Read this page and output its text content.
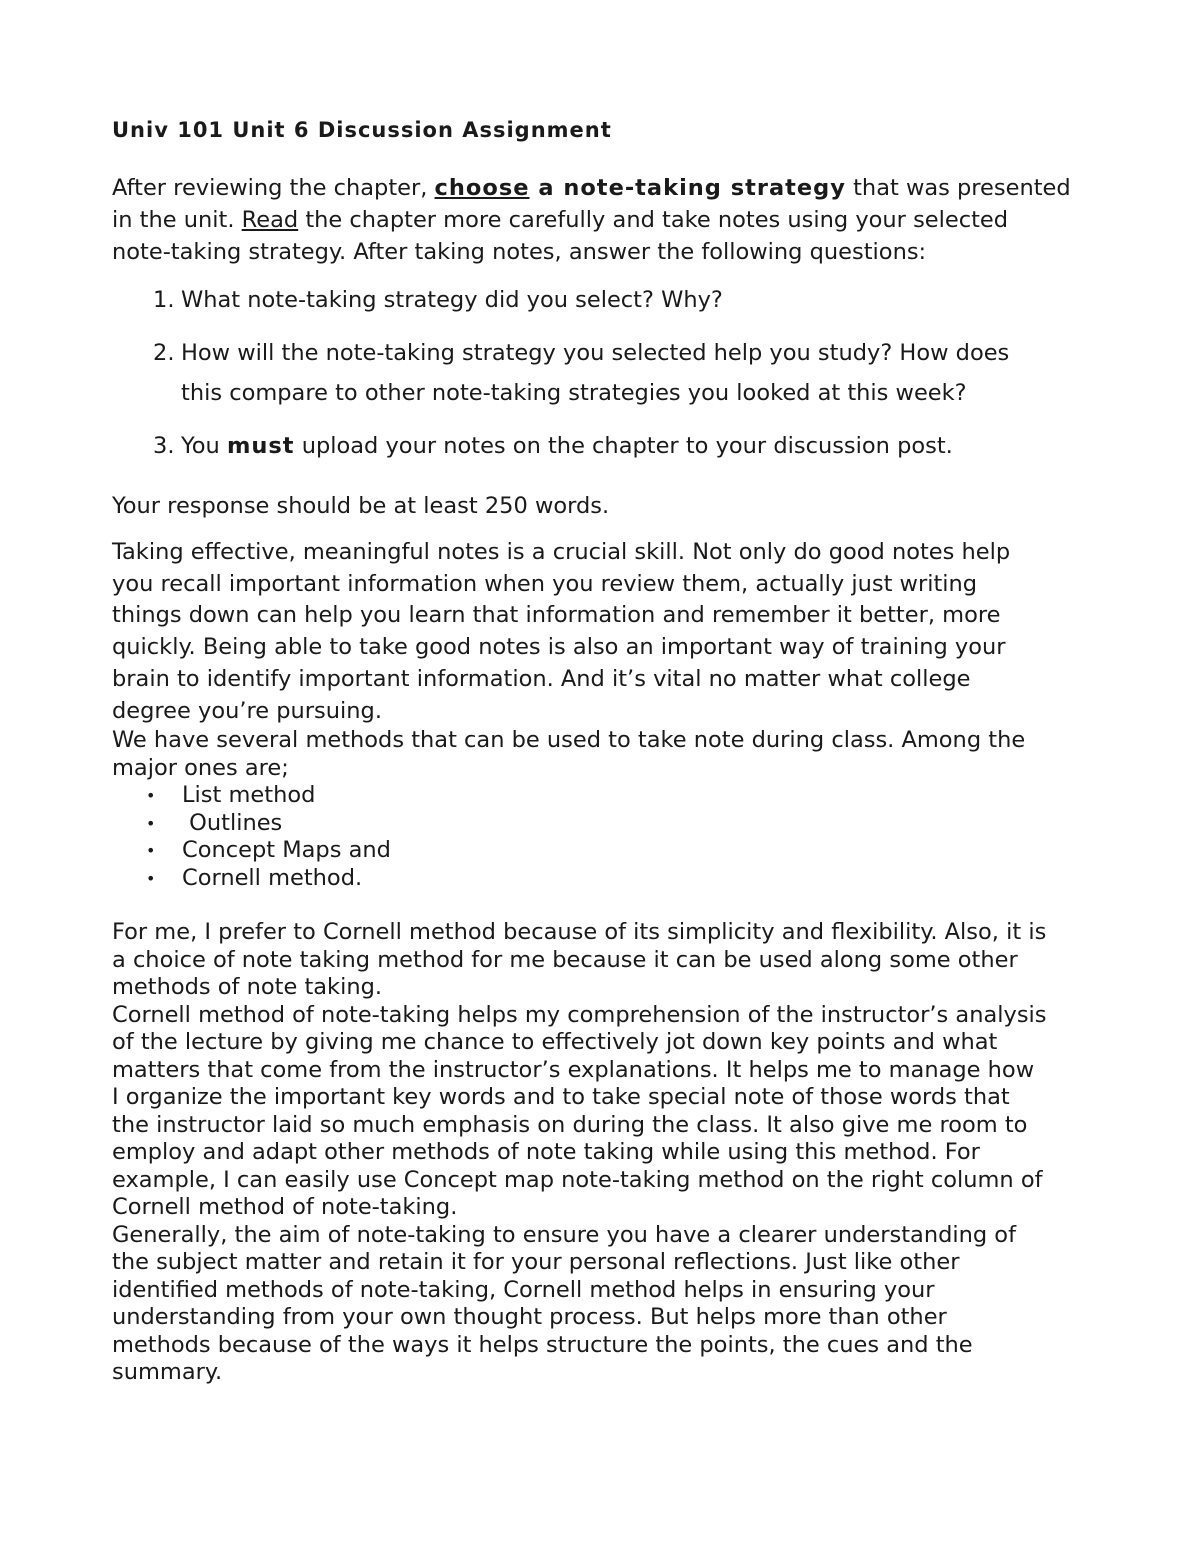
Univ 101 Unit 6 Discussion Assignment

After reviewing the chapter, choose a note-taking strategy that was presented
in the unit. Read the chapter more carefully and take notes using your selected
note-taking strategy. After taking notes, answer the following questions:

1. What note-taking strategy did you select? Why?
2. How will the note-taking strategy you selected help you study? How does
this compare to other note-taking strategies you looked at this week?
3. You must upload your notes on the chapter to your discussion post.

Your response should be at least 250 words.

Taking effective, meaningful notes is a crucial skill. Not only do good notes help
you recall important information when you review them, actually just writing
things down can help you learn that information and remember it better, more
quickly. Being able to take good notes is also an important way of training your
brain to identify important information. And it’s vital no matter what college
degree you’re pursuing.

We have several methods that can be used to take note during class. Among the
major ones are;

• List method
• Outlines
• Concept Maps and
• Cornell method.

For me, I prefer to Cornell method because of its simplicity and flexibility. Also, it is
a choice of note taking method for me because it can be used along some other
methods of note taking.
Cornell method of note-taking helps my comprehension of the instructor’s analysis
of the lecture by giving me chance to effectively jot down key points and what
matters that come from the instructor’s explanations. It helps me to manage how
I organize the important key words and to take special note of those words that
the instructor laid so much emphasis on during the class. It also give me room to
employ and adapt other methods of note taking while using this method. For
example, I can easily use Concept map note-taking method on the right column of
Cornell method of note-taking.
Generally, the aim of note-taking to ensure you have a clearer understanding of
the subject matter and retain it for your personal reflections. Just like other
identified methods of note-taking, Cornell method helps in ensuring your
understanding from your own thought process. But helps more than other
methods because of the ways it helps structure the points, the cues and the
summary.
